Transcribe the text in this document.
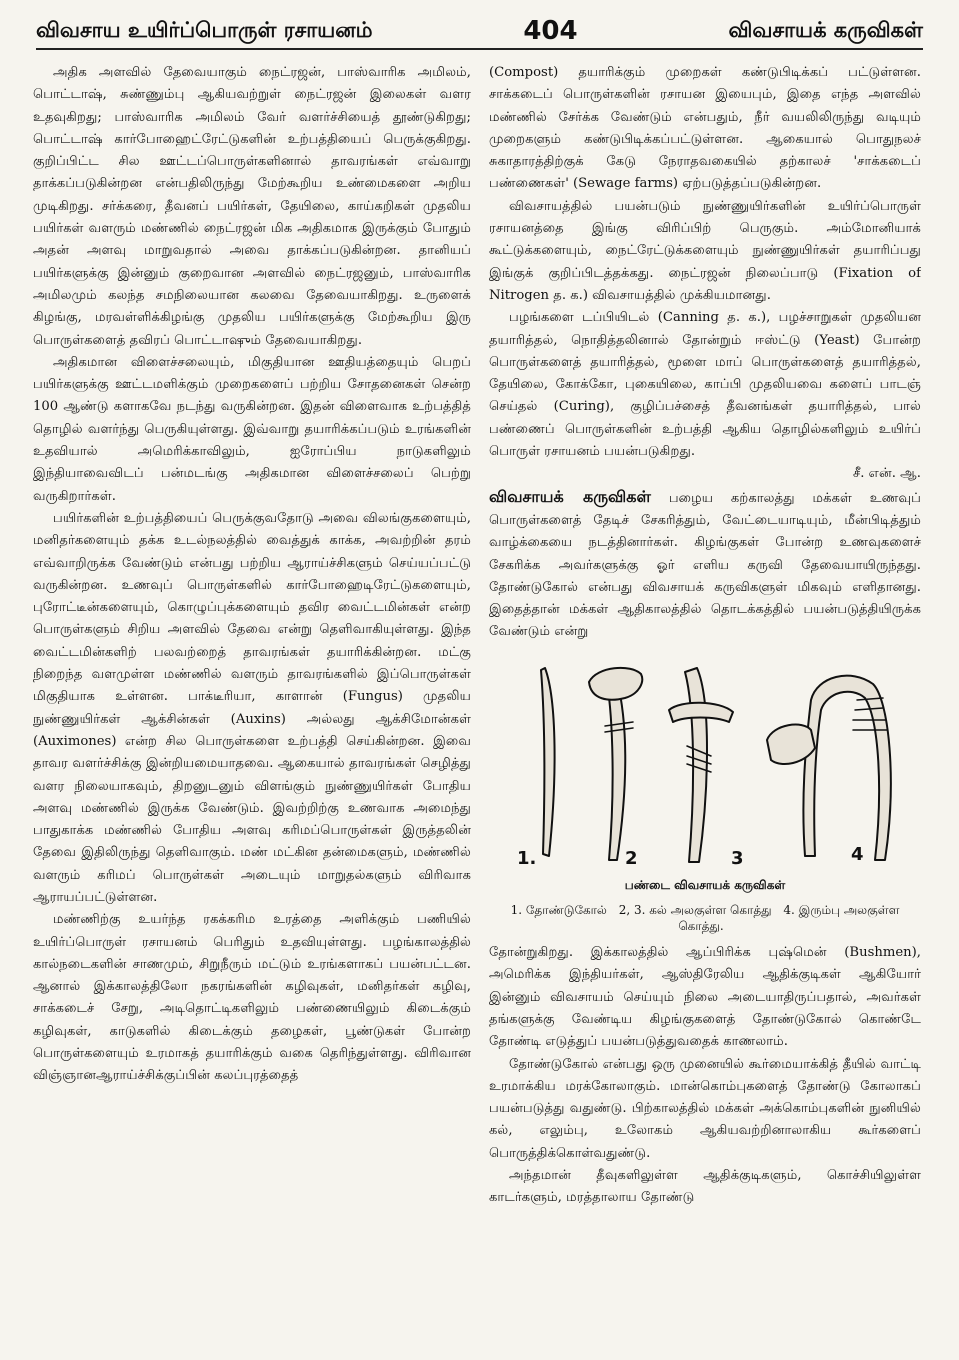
விவசாய உயிர்ப்பொருள் ரசாயனம்	404	விவசாயக் கருவிகள்

அதிக அளவில் தேவையாகும் நைட்ரஜன், பாஸ்வாரிக அமிலம், பொட்டாஷ், சுண்ணும்பு ஆகியவற்றுள் நைட்ரஜன் இலைகள் வளர உதவுகிறது; பாஸ்வாரிக அமிலம் வேர் வளர்ச்சியைத் தூண்டுகிறது; பொட்டாஷ் கார்போஹைட்ரேட்டுகளின் உற்பத்தியைப் பெருக்குகிறது. குறிப்பிட்ட சில ஊட்டப்பொருள்களினால் தாவரங்கள் எவ்வாறு தாக்கப்படுகின்றன என்பதிலிருந்து மேற்கூறிய உண்மைகளை அறிய முடிகிறது. சர்க்கரை, தீவனப் பயிர்கள், தேயிலை, காய்கறிகள் முதலிய பயிர்கள் வளரும் மண்ணில் நைட்ரஜன் மிக அதிகமாக இருக்கும் போதும் அதன் அளவு மாறுவதால் அவை தாக்கப்படுகின்றன. தானியப் பயிர்களுக்கு இன்னும் குறைவான அளவில் நைட்ரஜனும், பாஸ்வாரிக அமிலமும் கலந்த சமநிலையான கலவை தேவையாகிறது. உருளைக் கிழங்கு, மரவள்ளிக்கிழங்கு முதலிய பயிர்களுக்கு மேற்கூறிய இரு பொருள்களைத் தவிரப் பொட்டாஷும் தேவையாகிறது.

அதிகமான விளைச்சலையும், மிகுதியான ஊதியத்தையும் பெறப் பயிர்களுக்கு ஊட்டமளிக்கும் முறைகளைப் பற்றிய சோதனைகள் சென்ற 100 ஆண்டு களாகவே நடந்து வருகின்றன. இதன் விளைவாக உற்பத்தித் தொழில் வளர்ந்து பெருகியுள்ளது. இவ்வாறு தயாரிக்கப்படும் உரங்களின் உதவியால் அமெரிக்காவிலும், ஐரோப்பிய நாடுகளிலும் இந்தியாவைவிடப் பன்மடங்கு அதிகமான விளைச்சலைப் பெற்று வருகிறார்கள்.

பயிர்களின் உற்பத்தியைப் பெருக்குவதோடு அவை விலங்குகளையும், மனிதர்களையும் தக்க உடல்நலத்தில் வைத்துக் காக்க, அவற்றின் தரம் எவ்வாறிருக்க வேண்டும் என்பது பற்றிய ஆராய்ச்சிகளும் செய்யப்பட்டு வருகின்றன. உணவுப் பொருள்களில் கார்போஹைடிரேட்டுகளையும், புரோட்டீன்களையும், கொழுப்புக்களையும் தவிர வைட்டமின்கள் என்ற பொருள்களும் சிறிய அளவில் தேவை என்று தெளிவாகியுள்ளது. இந்த வைட்டமின்களிற் பலவற்றைத் தாவரங்கள் தயாரிக்கின்றன. மட்கு நிறைந்த வளமுள்ள மண்ணில் வளரும் தாவரங்களில் இப்பொருள்கள் மிகுதியாக உள்ளன. பாக்டீரியா, காளான் (Fungus) முதலிய நுண்ணுயிர்கள் ஆக்சின்கள் (Auxins) அல்லது ஆக்சிமோன்கள் (Auximones) என்ற சில பொருள்களை உற்பத்தி செய்கின்றன. இவை தாவர வளர்ச்சிக்கு இன்றியமையாதவை. ஆகையால் தாவரங்கள் செழித்து வளர நிலையாகவும், திறனுடனும் விளங்கும் நுண்ணுயிர்கள் போதிய அளவு மண்ணில் இருக்க வேண்டும். இவற்றிற்கு உணவாக அமைந்து பாதுகாக்க மண்ணில் போதிய அளவு கரிமப்பொருள்கள் இருத்தலின் தேவை இதிலிருந்து தெளிவாகும். மண் மட்கின தன்மைகளும், மண்ணில் வளரும் கரிமப் பொருள்கள் அடையும் மாறுதல்களும் விரிவாக ஆராயப்பட்டுள்ளன.

மண்ணிற்கு உயர்ந்த ரகக்கரிம உரத்தை அளிக்கும் பணியில் உயிர்ப்பொருள் ரசாயனம் பெரிதும் உதவியுள்ளது. பழங்காலத்தில் கால்நடைகளின் சாணமும், சிறுநீரும் மட்டும் உரங்களாகப் பயன்பட்டன. ஆனால் இக்காலத்திலோ நகரங்களின் கழிவுகள், மனிதர்கள் கழிவு, சாக்கடைச் சேறு, அடிதொட்டிகளிலும் பண்ணையிலும் கிடைக்கும் கழிவுகள், காடுகளில் கிடைக்கும் தழைகள், பூண்டுகள் போன்ற பொருள்களையும் உரமாகத் தயாரிக்கும் வகை தெரிந்துள்ளது. விரிவான விஞ்ஞானஆராய்ச்சிக்குப்பின் கலப்புரத்தைத்

(Compost) தயாரிக்கும் முறைகள் கண்டுபிடிக்கப் பட்டுள்ளன. சாக்கடைப் பொருள்களின் ரசாயன இயைபும், இதை எந்த அளவில் மண்ணில் சேர்க்க வேண்டும் என்பதும், நீர் வயலிலிருந்து வடியும் முறைகளும் கண்டுபிடிக்கப்பட்டுள்ளன. ஆகையால் பொதுநலச் சுகாதாரத்திற்குக் கேடு நேராதவகையில் தற்காலச் 'சாக்கடைப் பண்ணைகள்' (Sewage farms) ஏற்படுத்தப்படுகின்றன.

விவசாயத்தில் பயன்படும் நுண்ணுயிர்களின் உயிர்ப்பொருள் ரசாயனத்தை இங்கு விரிப்பிற் பெருகும். அம்மோனியாக் கூட்டுக்களையும், நைட்ரேட்டுக்களையும் நுண்ணுயிர்கள் தயாரிப்பது இங்குக் குறிப்பிடத்தக்கது. நைட்ரஜன் நிலைப்பாடு (Fixation of Nitrogen த. க.) விவசாயத்தில் முக்கியமானது.

பழங்களை டப்பியிடல் (Canning த. க.), பழச்சாறுகள் முதலியன தயாரித்தல், நொதித்தலினால் தோன்றும் ஈஸ்ட்டு (Yeast) போன்ற பொருள்களைத் தயாரித்தல், மூளை மாப் பொருள்களைத் தயாரித்தல், தேயிலை, கோக்கோ, புகையிலை, காப்பி முதலியவை களைப் பாடஞ் செய்தல் (Curing), குழிப்பச்சைத் தீவனங்கள் தயாரித்தல், பால் பண்ணைப் பொருள்களின் உற்பத்தி ஆகிய தொழில்களிலும் உயிர்ப் பொருள் ரசாயனம் பயன்படுகிறது.

சீ. என். ஆ.

விவசாயக் கருவிகள் பழைய கற்காலத்து மக்கள் உணவுப் பொருள்களைத் தேடிச் சேகரித்தும், வேட்டையாடியும், மீன்பிடித்தும் வாழ்க்கையை நடத்தினார்கள். கிழங்குகள் போன்ற உணவுகளைச் சேகரிக்க அவர்களுக்கு ஓர் எளிய கருவி தேவையாயிருந்தது. தோண்டுகோல் என்பது விவசாயக் கருவிகளுள் மிகவும் எளிதானது. இதைத்தான் மக்கள் ஆதிகாலத்தில் தொடக்கத்தில் பயன்படுத்தியிருக்க வேண்டும் என்று

1.	2	3	4
பண்டை விவசாயக் கருவிகள்
1. தோண்டுகோல் 2, 3. கல் அலகுள்ள கொத்து 4. இரும்பு அலகுள்ள கொத்து.

தோன்றுகிறது. இக்காலத்தில் ஆப்பிரிக்க புஷ்மென் (Bushmen), அமெரிக்க இந்தியர்கள், ஆஸ்திரேலிய ஆதிக்குடிகள் ஆகியோர் இன்னும் விவசாயம் செய்யும் நிலை அடையாதிருப்பதால், அவர்கள் தங்களுக்கு வேண்டிய கிழங்குகளைத் தோண்டுகோல் கொண்டே தோண்டி எடுத்துப் பயன்படுத்துவதைக் காணலாம்.

தோண்டுகோல் என்பது ஒரு முனையில் கூர்மையாக்கித் தீயில் வாட்டி உரமாக்கிய மரக்கோலாகும். மான்கொம்புகளைத் தோண்டு கோலாகப் பயன்படுத்து வதுண்டு. பிற்காலத்தில் மக்கள் அக்கொம்புகளின் நுனியில் கல், எலும்பு, உலோகம் ஆகியவற்றினாலாகிய கூர்களைப் பொருத்திக்கொள்வதுண்டு.

அந்தமான் தீவுகளிலுள்ள ஆதிக்குடிகளும், கொச்சியிலுள்ள காடர்களும், மரத்தாலாய தோண்டு
